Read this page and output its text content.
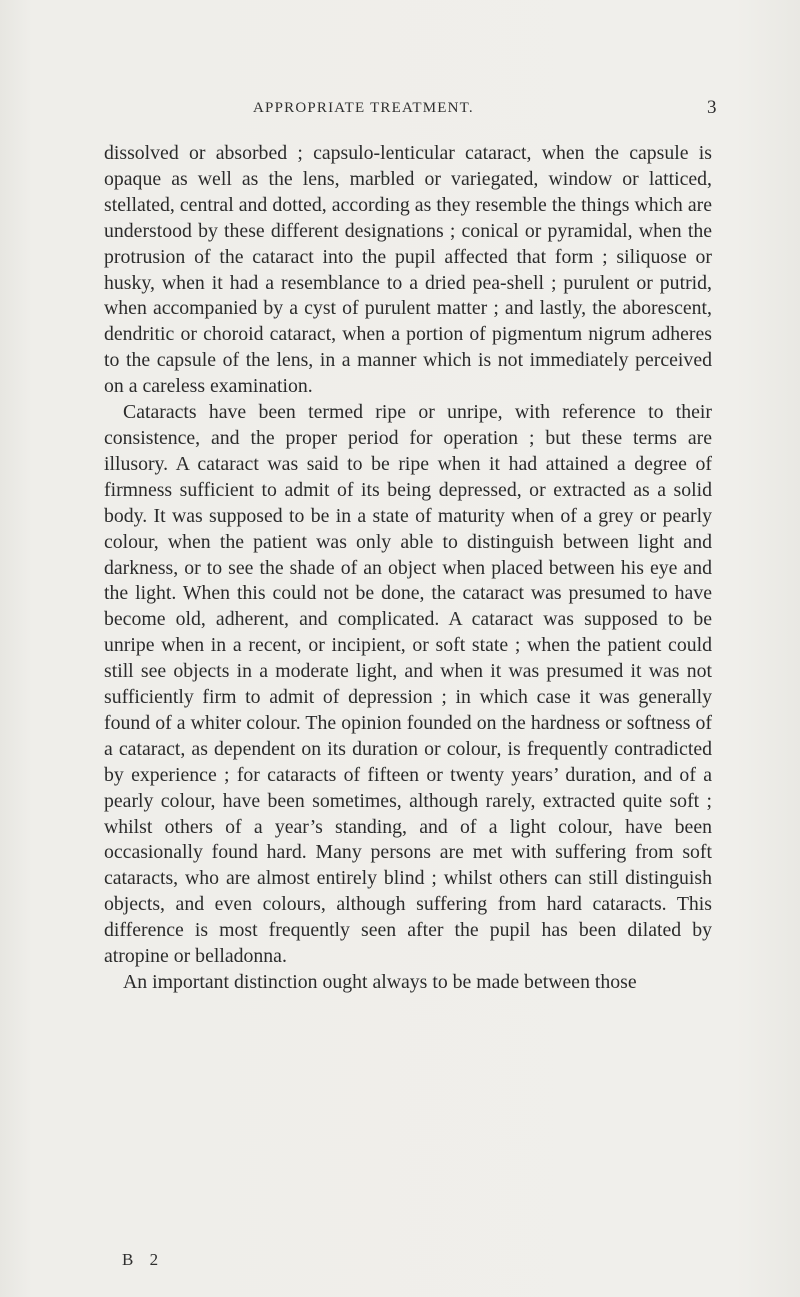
APPROPRIATE TREATMENT.	3

dissolved or absorbed ; capsulo-lenticular cataract, when the capsule is opaque as well as the lens, marbled or variegated, window or latticed, stellated, central and dotted, according as they resemble the things which are understood by these different designations ; conical or pyramidal, when the protrusion of the cataract into the pupil affected that form ; siliquose or husky, when it had a resemblance to a dried pea-shell ; purulent or putrid, when accompanied by a cyst of purulent matter ; and lastly, the aborescent, dendritic or choroid cataract, when a portion of pigmentum nigrum adheres to the capsule of the lens, in a manner which is not immediately perceived on a careless examination.

Cataracts have been termed ripe or unripe, with reference to their consistence, and the proper period for operation ; but these terms are illusory. A cataract was said to be ripe when it had attained a degree of firmness sufficient to admit of its being depressed, or extracted as a solid body. It was supposed to be in a state of maturity when of a grey or pearly colour, when the patient was only able to distinguish between light and darkness, or to see the shade of an object when placed between his eye and the light. When this could not be done, the cataract was presumed to have become old, adherent, and complicated. A cataract was supposed to be unripe when in a recent, or incipient, or soft state ; when the patient could still see objects in a moderate light, and when it was presumed it was not sufficiently firm to admit of depression ; in which case it was generally found of a whiter colour. The opinion founded on the hardness or softness of a cataract, as dependent on its duration or colour, is frequently contradicted by experience ; for cataracts of fifteen or twenty years’ duration, and of a pearly colour, have been sometimes, although rarely, extracted quite soft ; whilst others of a year’s standing, and of a light colour, have been occasionally found hard. Many persons are met with suffering from soft cataracts, who are almost entirely blind ; whilst others can still distinguish objects, and even colours, although suffering from hard cataracts. This difference is most frequently seen after the pupil has been dilated by atropine or belladonna.

An important distinction ought always to be made between those

B 2
